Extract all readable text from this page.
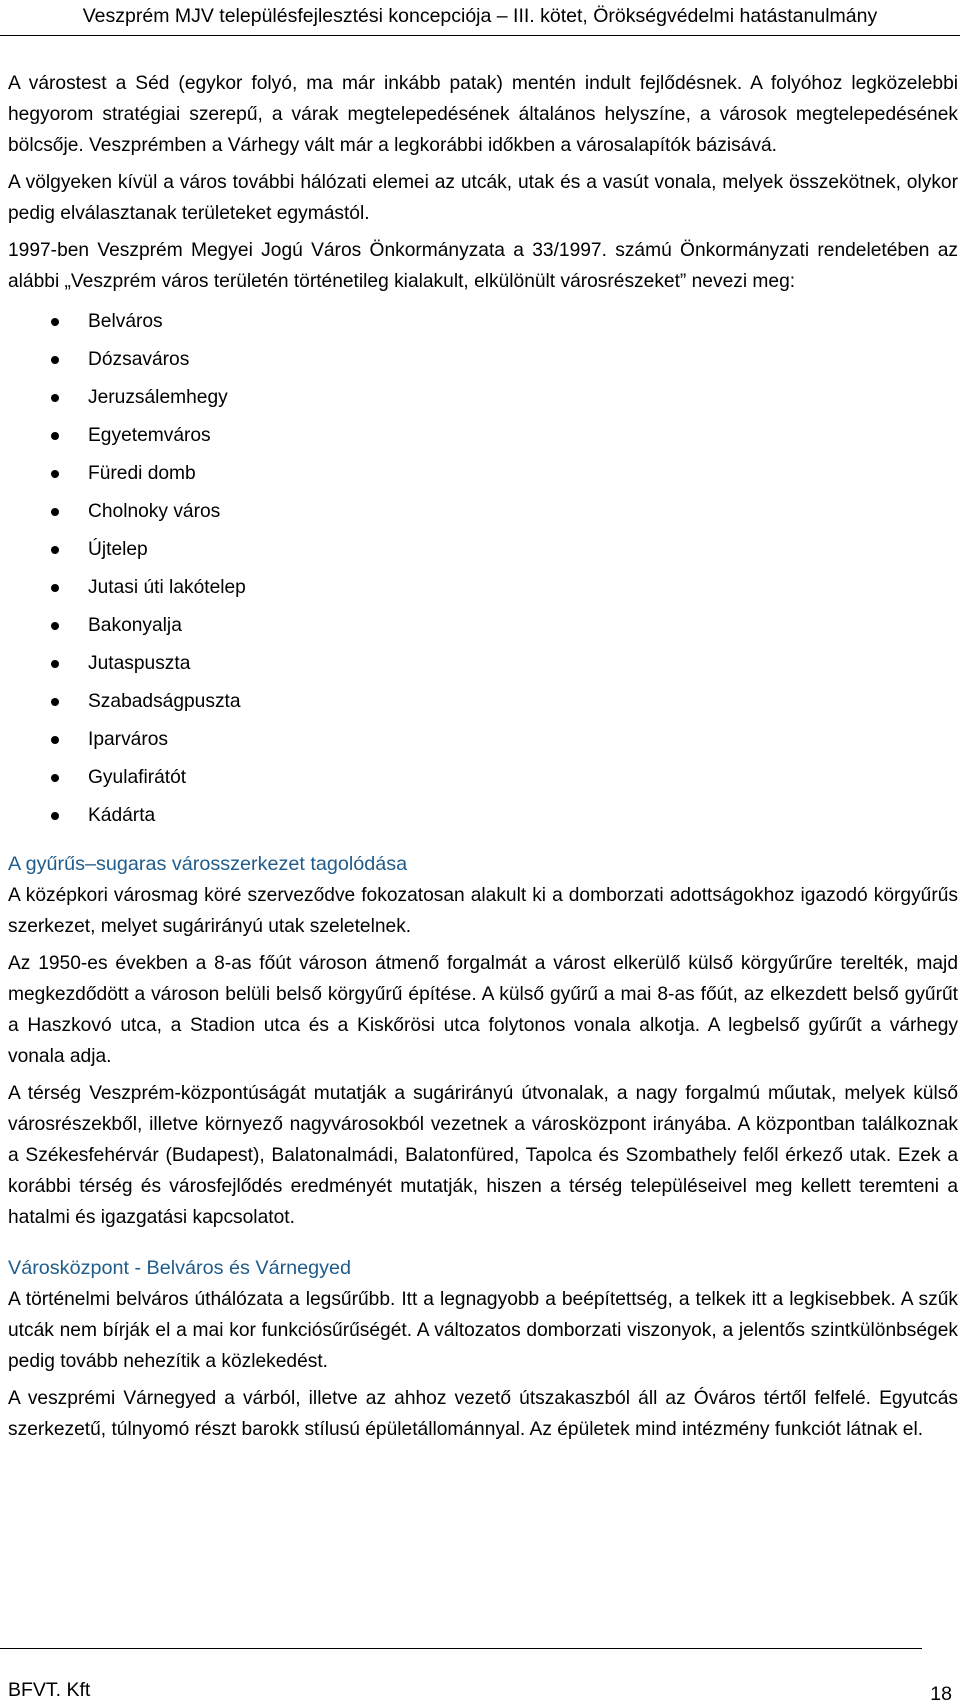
Veszprém MJV településfejlesztési koncepciója – III. kötet, Örökségvédelmi hatástanulmány

A várostest a Séd (egykor folyó, ma már inkább patak) mentén indult fejlődésnek. A folyóhoz legközelebbi hegyorom stratégiai szerepű, a várak megtelepedésének általános helyszíne, a városok megtelepedésének bölcsője. Veszprémben a Várhegy vált már a legkorábbi időkben a városalapítók bázisává.

A völgyeken kívül a város további hálózati elemei az utcák, utak és a vasút vonala, melyek összekötnek, olykor pedig elválasztanak területeket egymástól.

1997-ben Veszprém Megyei Jogú Város Önkormányzata a 33/1997. számú Önkormányzati rendeletében az alábbi „Veszprém város területén történetileg kialakult, elkülönült városrészeket” nevezi meg:

Belváros
Dózsaváros
Jeruzsálemhegy
Egyetemváros
Füredi domb
Cholnoky város
Újtelep
Jutasi úti lakótelep
Bakonyalja
Jutaspuszta
Szabadságpuszta
Iparváros
Gyulafirátót
Kádárta
A gyűrűs–sugaras városszerkezet tagolódása

A középkori városmag köré szerveződve fokozatosan alakult ki a domborzati adottságokhoz igazodó körgyűrűs szerkezet, melyet sugárirányú utak szeletelnek.

Az 1950-es években a 8-as főút városon átmenő forgalmát a várost elkerülő külső körgyűrűre terelték, majd megkezdődött a városon belüli belső körgyűrű építése. A külső gyűrű a mai 8-as főút, az elkezdett belső gyűrűt a Haszkovó utca, a Stadion utca és a Kiskőrösi utca folytonos vonala alkotja. A legbelső gyűrűt a várhegy vonala adja.

A térség Veszprém-központúságát mutatják a sugárirányú útvonalak, a nagy forgalmú műutak, melyek külső városrészekből, illetve környező nagyvárosokból vezetnek a városközpont irányába. A központban találkoznak a Székesfehérvár (Budapest), Balatonalmádi, Balatonfüred, Tapolca és Szombathely felől érkező utak. Ezek a korábbi térség és városfejlődés eredményét mutatják, hiszen a térség településeivel meg kellett teremteni a hatalmi és igazgatási kapcsolatot.

Városközpont - Belváros és Várnegyed

A történelmi belváros úthálózata a legsűrűbb. Itt a legnagyobb a beépítettség, a telkek itt a legkisebbek. A szűk utcák nem bírják el a mai kor funkciósűrűségét. A változatos domborzati viszonyok, a jelentős szintkülönbségek pedig tovább nehezítik a közlekedést.

A veszprémi Várnegyed a várból, illetve az ahhoz vezető útszakaszból áll az Óváros tértől felfelé. Egyutcás szerkezetű, túlnyomó részt barokk stílusú épületállománnyal. Az épületek mind intézmény funkciót látnak el.

BFVT. Kft	18
